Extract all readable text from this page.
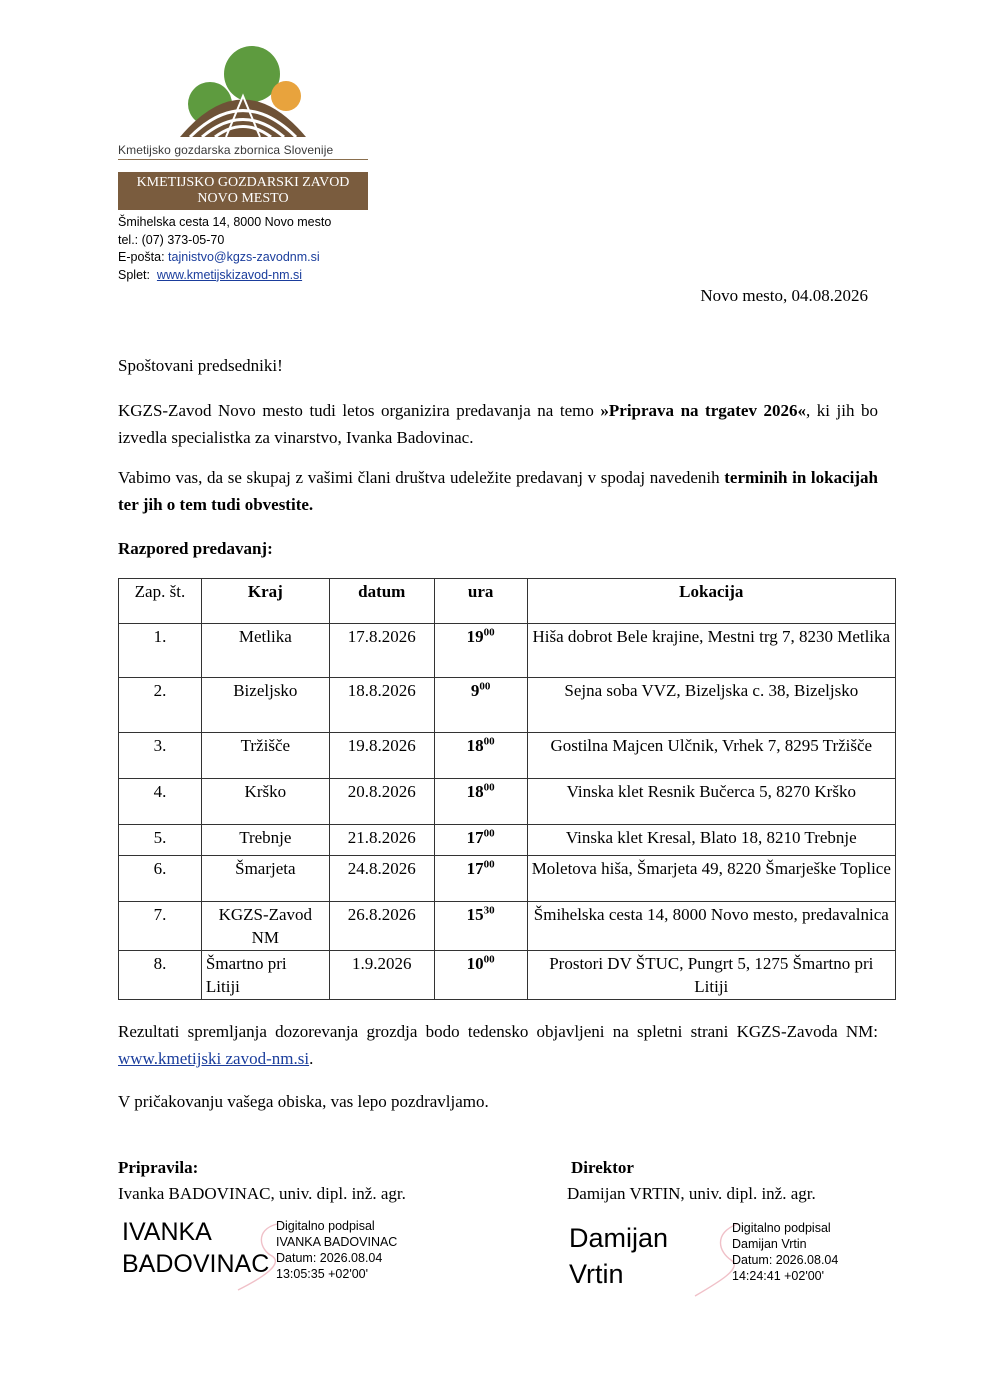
Kmetijsko gozdarska zbornica Slovenije
KMETIJSKO GOZDARSKI ZAVOD
NOVO MESTO
Šmihelska cesta 14, 8000 Novo mesto
tel.: (07) 373-05-70
E-pošta: tajnistvo@kgzs-zavodnm.si
Splet: www.kmetijskizavod-nm.si
Novo mesto, 04.08.2026
Spoštovani predsedniki!
KGZS-Zavod Novo mesto tudi letos organizira predavanja na temo »Priprava na trgatev 2026«, ki jih bo izvedla specialistka za vinarstvo, Ivanka Badovinac.
Vabimo vas, da se skupaj z vašimi člani društva udeležite predavanj v spodaj navedenih terminih in lokacijah ter jih o tem tudi obvestite.
Razpored predavanj:
Zap. št.	Kraj	datum	ura	Lokacija
1.	Metlika	17.8.2026	$19^{00}$	Hiša dobrot Bele krajine, Mestni trg 7, 8230 Metlika
2.	Bizeljsko	18.8.2026	$9^{00}$	Sejna soba VVZ, Bizeljska c. 38, Bizeljsko
3.	Tržišče	19.8.2026	$18^{00}$	Gostilna Majcen Ulčnik, Vrhek 7, 8295 Tržišče
4.	Krško	20.8.2026	$18^{00}$	Vinska klet Resnik Bučerca 5, 8270 Krško
5.	Trebnje	21.8.2026	$17^{00}$	Vinska klet Kresal, Blato 18, 8210 Trebnje
6.	Šmarjeta	24.8.2026	$17^{00}$	Moletova hiša, Šmarjeta 49, 8220 Šmarješke Toplice
7.	KGZS-Zavod NM	26.8.2026	$15^{30}$	Šmihelska cesta 14, 8000 Novo mesto, predavalnica
8.	Šmartno pri Litiji	1.9.2026	$10^{00}$	Prostori DV ŠTUC, Pungrt 5, 1275 Šmartno pri Litiji
Rezultati spremljanja dozorevanja grozdja bodo tedensko objavljeni na spletni strani KGZS-Zavoda NM: www.kmetijski zavod-nm.si.
V pričakovanju vašega obiska, vas lepo pozdravljamo.
Pripravila:
Ivanka BADOVINAC, univ. dipl. inž. agr.
IVANKA
BADOVINAC
Digitalno podpisal
IVANKA BADOVINAC
Datum: 2026.08.04
13:05:35 +02'00'
Direktor
Damijan VRTIN, univ. dipl. inž. agr.
Damijan
Vrtin
Digitalno podpisal
Damijan Vrtin
Datum: 2026.08.04
14:24:41 +02'00'
